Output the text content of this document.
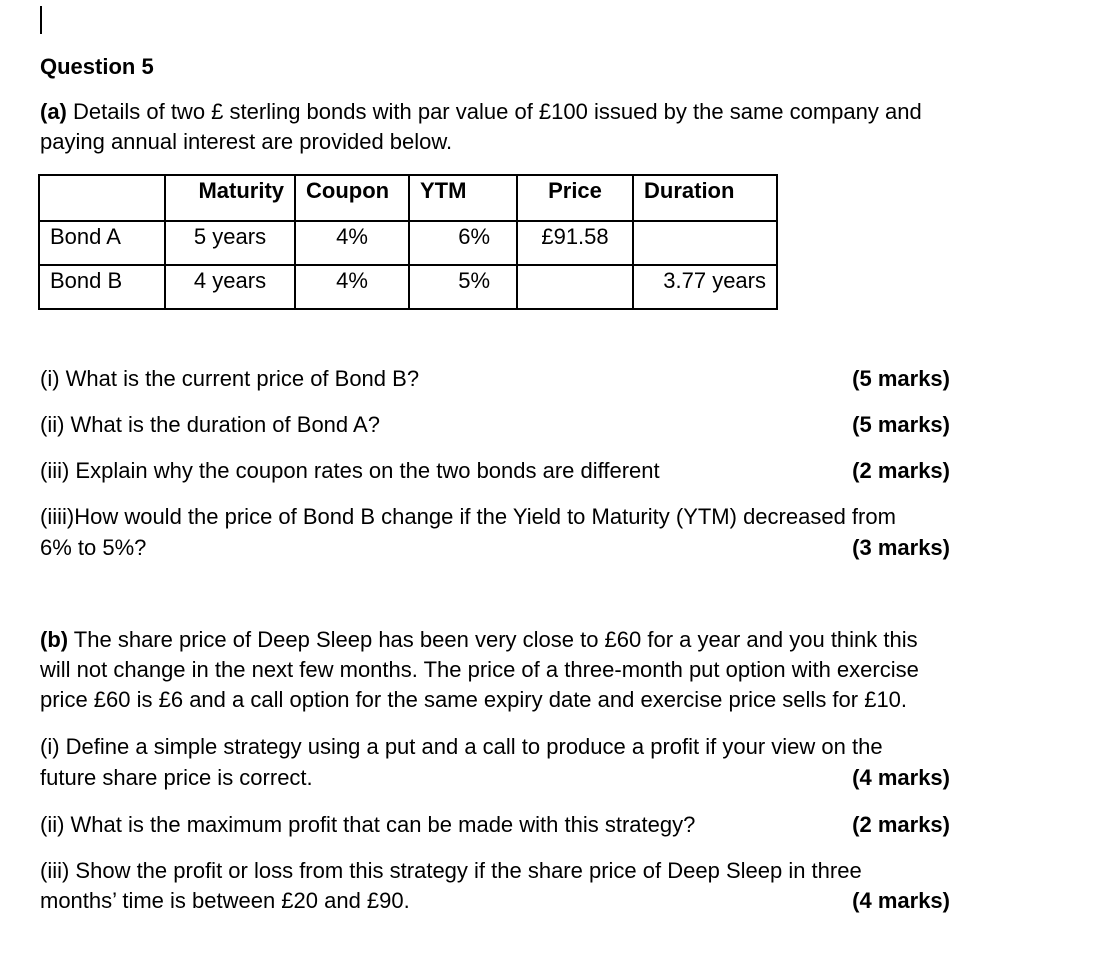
Question 5
(a) Details of two £ sterling bonds with par value of £100 issued by the same company and
paying annual interest are provided below.
	Maturity	Coupon	YTM	Price	Duration
Bond A	5 years	4%	6%	£91.58	
Bond B	4 years	4%	5%		3.77 years
(i) What is the current price of Bond B?	(5 marks)
(ii) What is the duration of Bond A?	(5 marks)
(iii) Explain why the coupon rates on the two bonds are different	(2 marks)
(iiii)How would the price of Bond B change if the Yield to Maturity (YTM) decreased from
6% to 5%?	(3 marks)
(b) The share price of Deep Sleep has been very close to £60 for a year and you think this
will not change in the next few months. The price of a three-month put option with exercise
price £60 is £6 and a call option for the same expiry date and exercise price sells for £10.
(i) Define a simple strategy using a put and a call to produce a profit if your view on the
future share price is correct.	(4 marks)
(ii) What is the maximum profit that can be made with this strategy?	(2 marks)
(iii) Show the profit or loss from this strategy if the share price of Deep Sleep in three
months’ time is between £20 and £90.	(4 marks)
